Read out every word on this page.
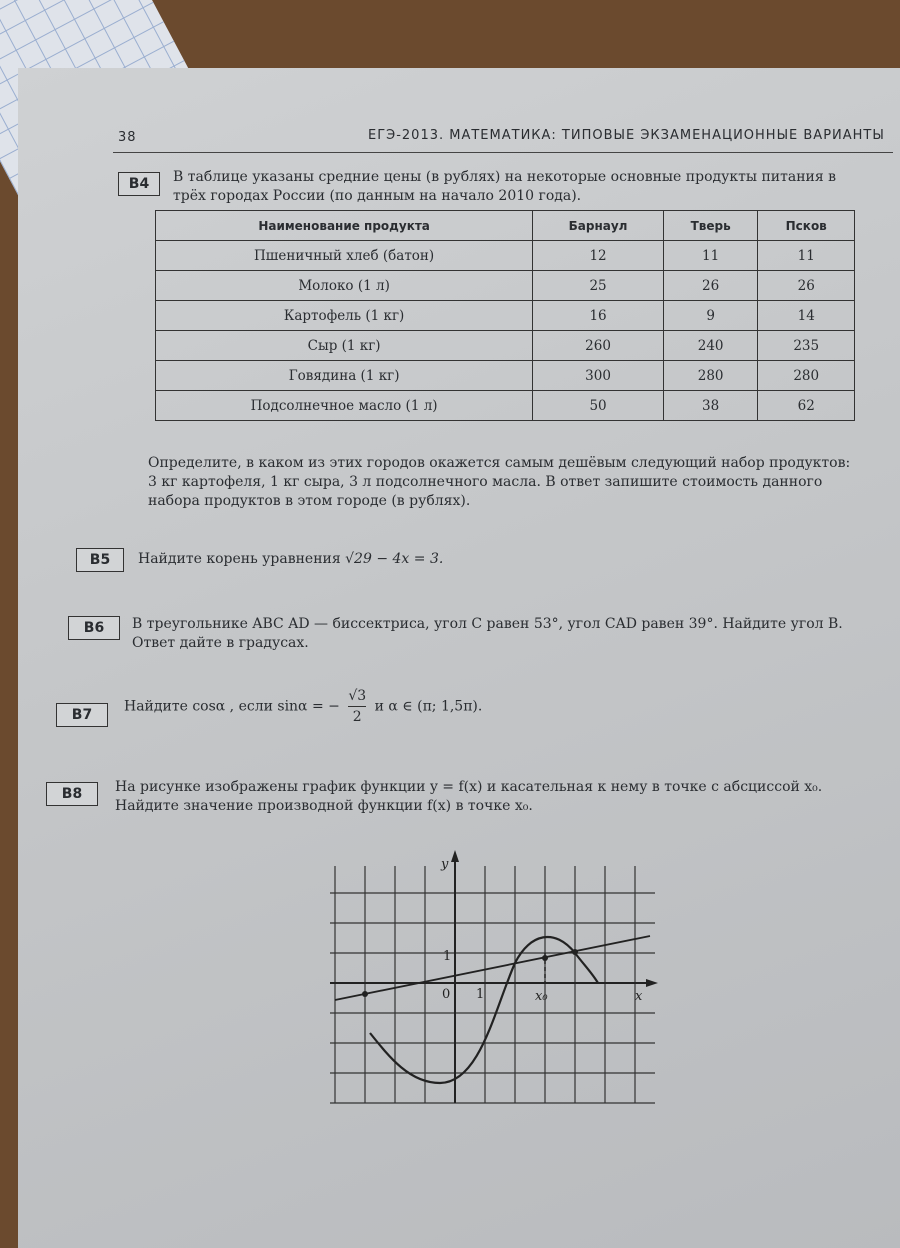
38	ЕГЭ-2013. МАТЕМАТИКА: ТИПОВЫЕ ЭКЗАМЕНАЦИОННЫЕ ВАРИАНТЫ
B4	В таблице указаны средние цены (в рублях) на некоторые основные продукты питания в трёх городах России (по данным на начало 2010 года).
Наименование продукта	Барнаул	Тверь	Псков
Пшеничный хлеб (батон)	12	11	11
Молоко (1 л)	25	26	26
Картофель (1 кг)	16	9	14
Сыр (1 кг)	260	240	235
Говядина (1 кг)	300	280	280
Подсолнечное масло (1 л)	50	38	62
Определите, в каком из этих городов окажется самым дешёвым следующий набор продуктов: 3 кг картофеля, 1 кг сыра, 3 л подсолнечного масла. В ответ запишите стоимость данного набора продуктов в этом городе (в рублях).
B5	Найдите корень уравнения √29 − 4x = 3.
B6	В треугольнике ABC AD — биссектриса, угол C равен 53°, угол CAD равен 39°. Найдите угол B. Ответ дайте в градусах.
B7
Найдите cosα , если sinα = − $\frac{√3}{2}$ и α ∈ (π; 1,5π).
B8	На рисунке изображены график функции y = f(x) и касательная к нему в точке с абсциссой x₀. Найдите значение производной функции f(x) в точке x₀.
y
x
0 1
1
x₀
